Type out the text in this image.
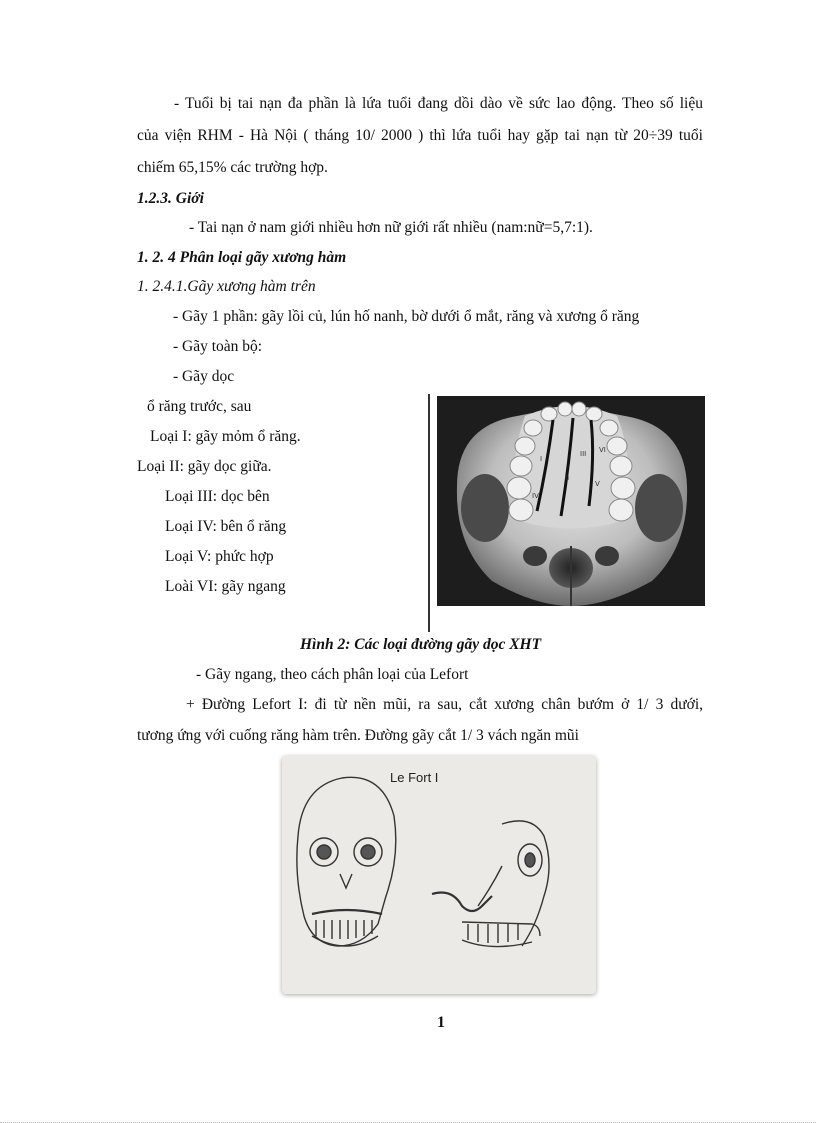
- Tuổi bị tai nạn đa phần là lứa tuổi đang dồi dào về sức lao động. Theo số liệu
của viện RHM - Hà Nội ( tháng 10/ 2000 ) thì lứa tuổi hay gặp tai nạn từ 20÷39 tuổi
chiếm 65,15% các trường hợp.
1.2.3. Giới
- Tai nạn ở nam giới nhiều hơn nữ giới rất nhiều (nam:nữ=5,7:1).
1. 2. 4 Phân loại gãy xương hàm
1. 2.4.1.Gãy xương hàm trên
- Gãy 1 phần: gãy lồi củ, lún hố nanh, bờ dưới ổ mắt, răng và xương ổ răng
- Gãy toàn bộ:
- Gãy dọc
ổ răng trước, sau
Loại I: gãy mỏm ổ răng.
Loại II: gãy dọc giữa.
Loại III: dọc bên
Loại IV: bên ổ răng
Loại V: phức hợp
Loài VI: gãy ngang
I
II
III
IV
V
VI
Hình 2: Các loại đường gãy dọc XHT
- Gãy ngang, theo cách phân loại của Lefort
+ Đường Lefort I: đi từ nền mũi, ra sau, cắt xương chân bướm ở 1/ 3 dưới,
tương ứng với cuống răng hàm trên. Đường gãy cắt 1/ 3 vách ngăn mũi
Le Fort I
1
